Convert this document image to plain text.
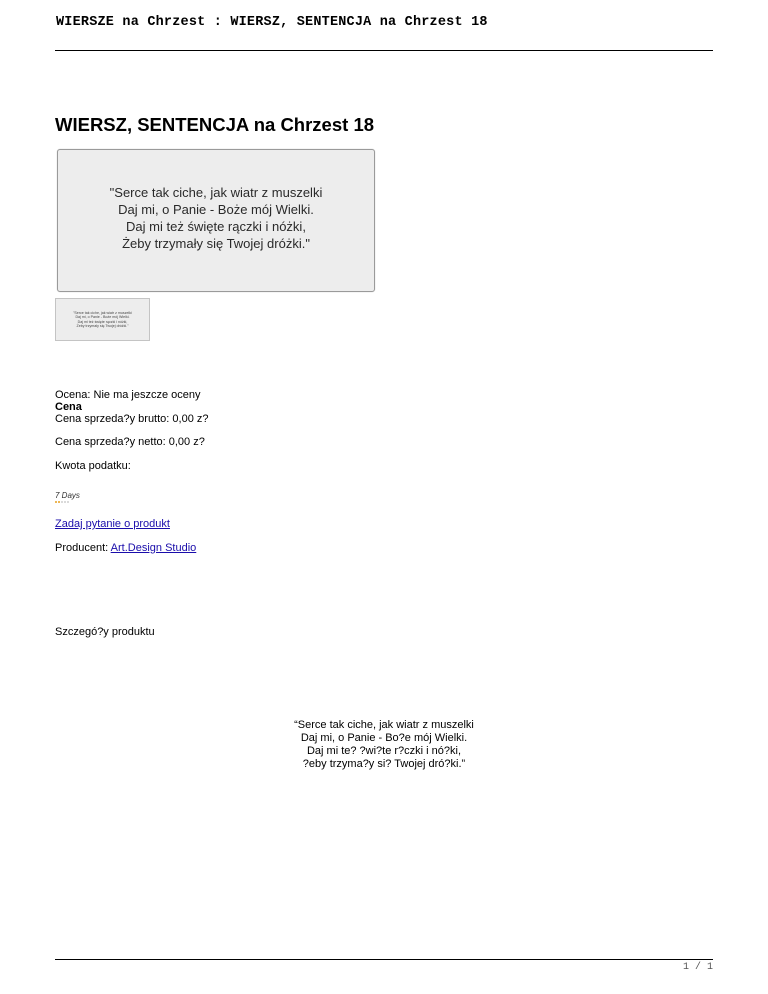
WIERSZE na Chrzest : WIERSZ, SENTENCJA na Chrzest 18
WIERSZ, SENTENCJA na Chrzest 18
"Serce tak ciche, jak wiatr z muszelki
Daj mi, o Panie - Boże mój Wielki.
Daj mi też święte rączki i nóżki,
Żeby trzymały się Twojej dróżki."
"Serce tak ciche, jak wiatr z muszelki
Daj mi, o Panie - Boże mój Wielki.
Daj mi też święte rączki i nóżki,
Żeby trzymały się Twojej dróżki."
Ocena: Nie ma jeszcze oceny
Cena
Cena sprzeda?y brutto: 0,00 z?
Cena sprzeda?y netto: 0,00 z?
Kwota podatku:
7 Days
Zadaj pytanie o produkt
Producent: Art.Design Studio
Szczegó?y produktu
“Serce tak ciche, jak wiatr z muszelki
Daj mi, o Panie - Bo?e mój Wielki.
Daj mi te? ?wi?te r?czki i nó?ki,
?eby trzyma?y si? Twojej dró?ki.”
1 / 1
